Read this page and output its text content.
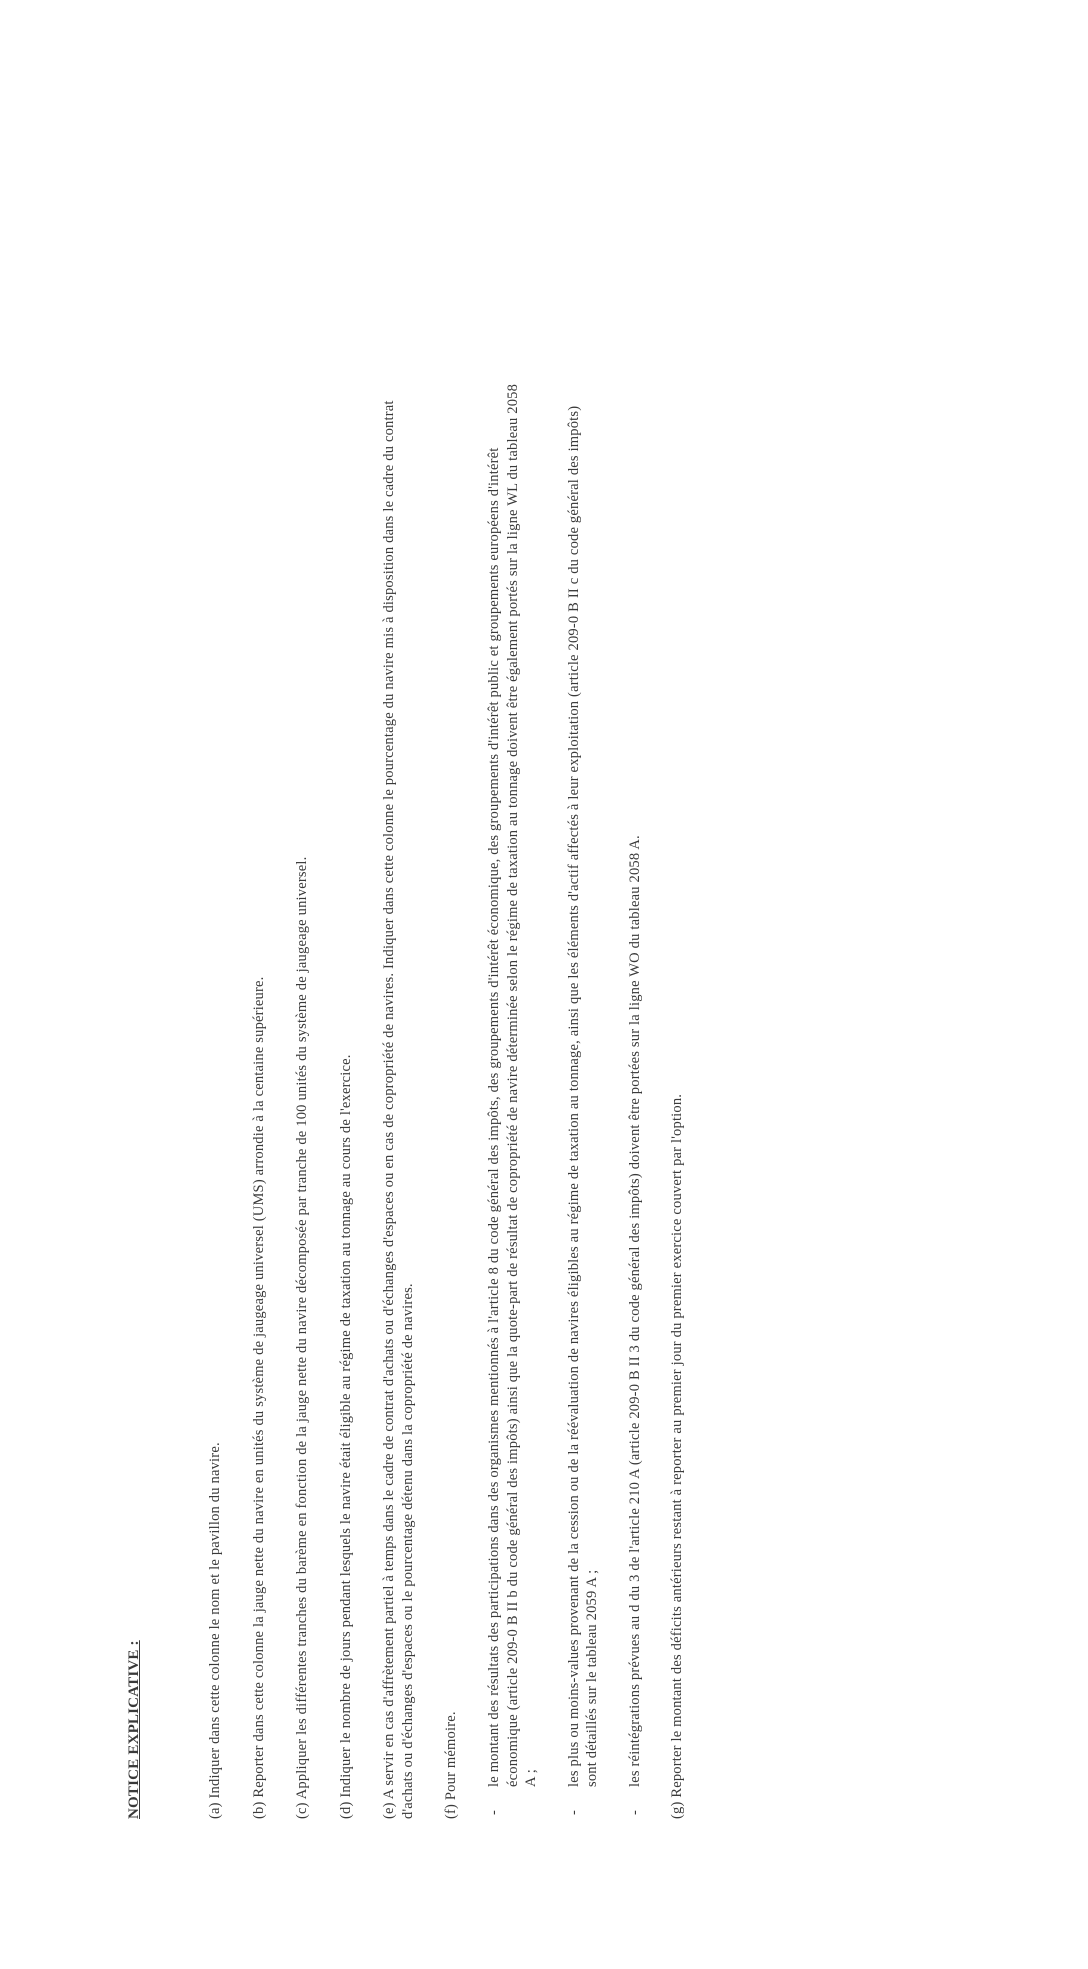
NOTICE EXPLICATIVE :	(a) Indiquer dans cette colonne le nom et le pavillon du navire. (b) Reporter dans cette colonne la jauge nette du navire en unités du système de jaugeage universel (UMS) arrondie à la centaine supérieure. (c) Appliquer les différentes tranches du barème en fonction de la jauge nette du navire décomposée par tranche de 100 unités du système de jaugeage universel. (d) Indiquer le nombre de jours pendant lesquels le navire était éligible au régime de taxation au tonnage au cours de l'exercice. (e) A servir en cas d'affrètement partiel à temps dans le cadre de contrat d'achats ou d'échanges d'espaces ou en cas de copropriété de navires. Indiquer dans cette colonne le pourcentage du navire mis à disposition dans le cadre du contrat d'achats ou d'échanges d'espaces ou le pourcentage détenu dans la copropriété de navires. (f) Pour mémoire. -
le montant des résultats des participations dans des organismes mentionnés à l'article 8 du code général des impôts, des groupements d'intérêt économique, des groupements d'intérêt public et groupements européens d'intérêt économique (article 209-0 B II b du code général des impôts) ainsi que la quote-part de résultat de copropriété de navire déterminée selon le régime de taxation au tonnage doivent être également portés sur la ligne WL du tableau 2058 A ;
-
les plus ou moins-values provenant de la cession ou de la réévaluation de navires éligibles au régime de taxation au tonnage, ainsi que les éléments d'actif affectés à leur exploitation (article 209-0 B II c du code général des impôts) sont détaillés sur le tableau 2059 A ;
-
les réintégrations prévues au d du 3 de l'article 210 A (article 209-0 B II 3 du code général des impôts) doivent être portées sur la ligne WO du tableau 2058 A. (g) Reporter le montant des déficits antérieurs restant à reporter au premier jour du premier exercice couvert par l'option.
